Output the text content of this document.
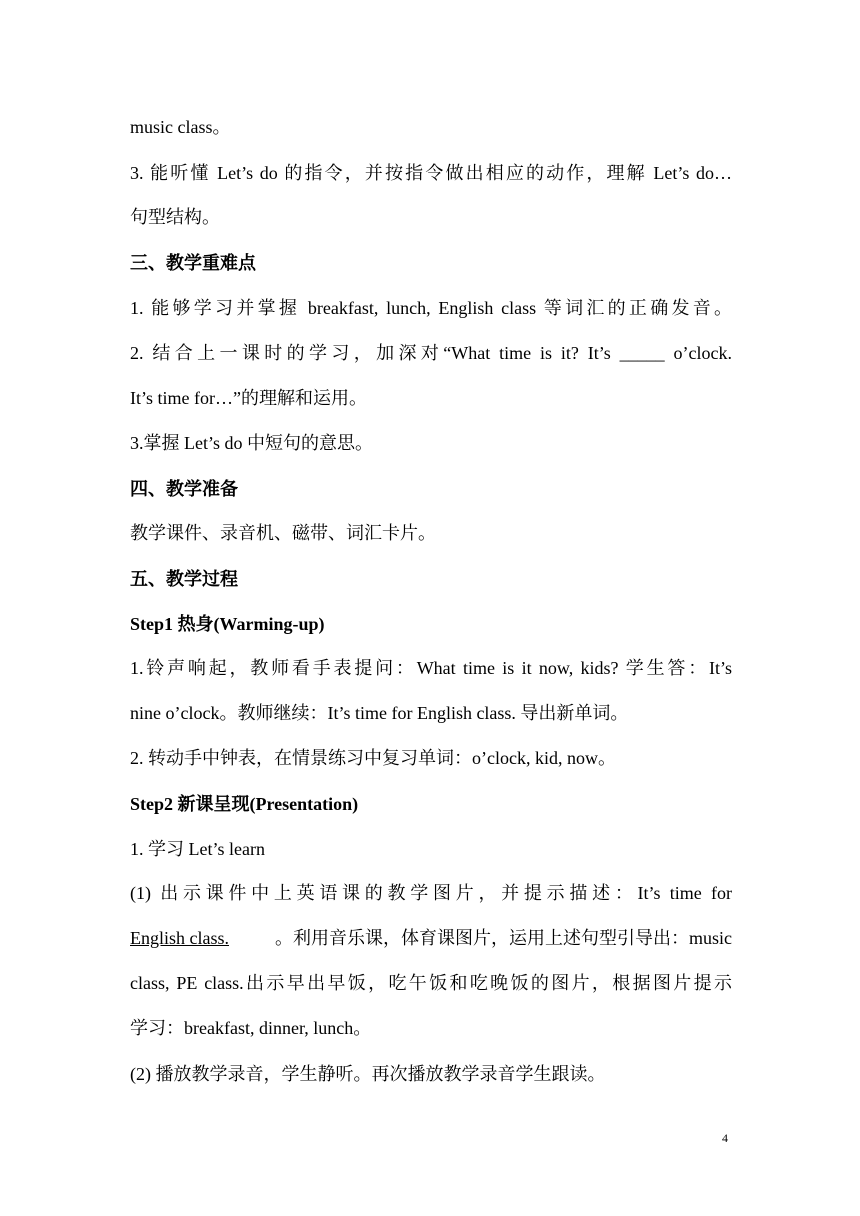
music class。
3. 能听懂 Let’s do 的指令，并按指令做出相应的动作，理解 Let’s do…
句型结构。
三、教学重难点
1. 能够学习并掌握 breakfast, lunch, English class 等词汇的正确发音。
2. 结合上一课时的学习，加深对“What time is it? It’s _____ o’clock.
It’s time for…”的理解和运用。
3.掌握 Let’s do 中短句的意思。
四、教学准备
教学课件、录音机、磁带、词汇卡片。
五、教学过程
Step1 热身(Warming-up)
1.铃声响起，教师看手表提问：What time is it now, kids? 学生答：It’s
nine o’clock。教师继续：It’s time for English class. 导出新单词。
2. 转动手中钟表，在情景练习中复习单词：o’clock, kid, now。
Step2 新课呈现(Presentation)
1. 学习 Let’s learn
(1) 出示课件中上英语课的教学图片，并提示描述：It’s time for
English class.	。利用音乐课，体育课图片，运用上述句型引导出：music
class, PE class.出示早出早饭，吃午饭和吃晚饭的图片，根据图片提示
学习：breakfast, dinner, lunch。
(2) 播放教学录音，学生静听。再次播放教学录音学生跟读。
4
